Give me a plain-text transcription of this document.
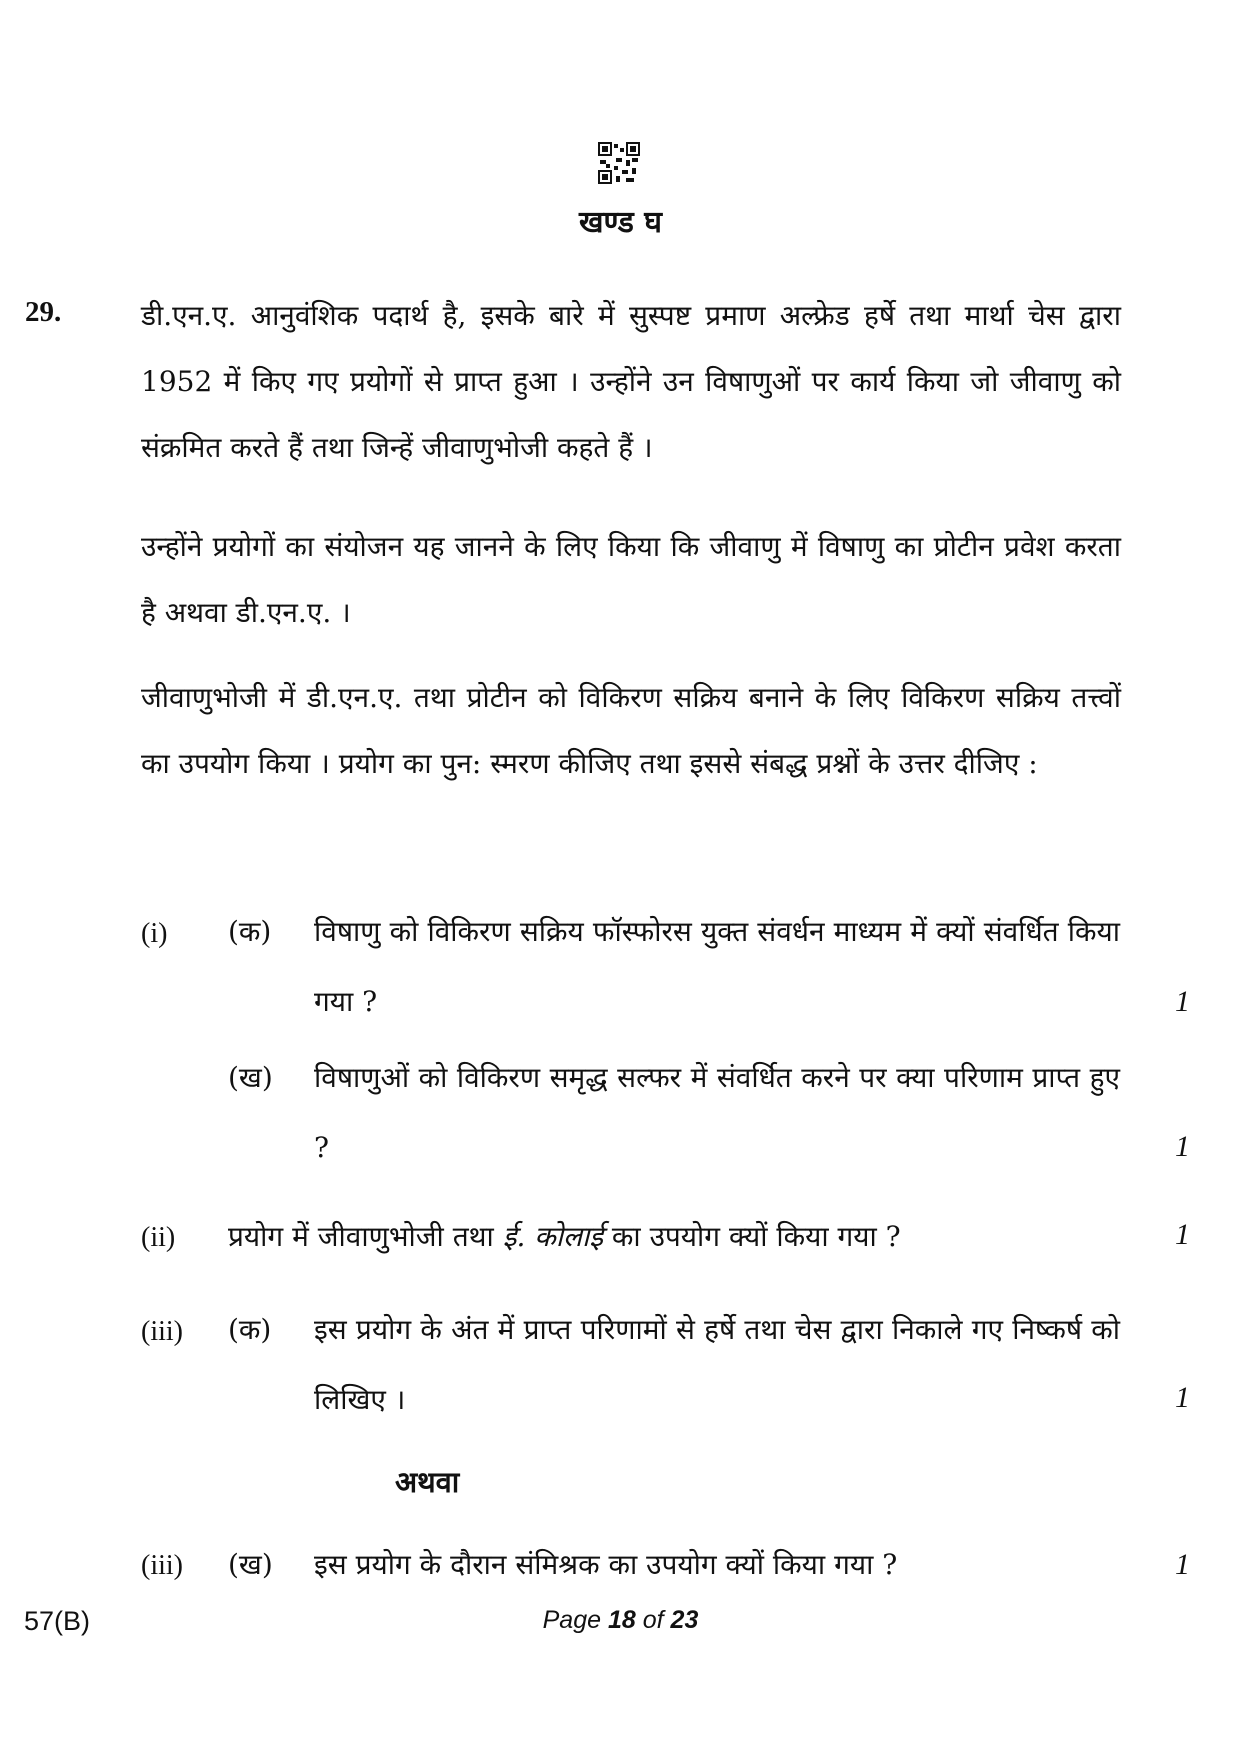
खण्ड घ
29.	डी.एन.ए. आनुवंशिक पदार्थ है, इसके बारे में सुस्पष्ट प्रमाण अल्फ्रेड हर्षे तथा मार्था चेस द्वारा 1952 में किए गए प्रयोगों से प्राप्त हुआ । उन्होंने उन विषाणुओं पर कार्य किया जो जीवाणु को संक्रमित करते हैं तथा जिन्हें जीवाणुभोजी कहते हैं ।
उन्होंने प्रयोगों का संयोजन यह जानने के लिए किया कि जीवाणु में विषाणु का प्रोटीन प्रवेश करता है अथवा डी.एन.ए. ।
जीवाणुभोजी में डी.एन.ए. तथा प्रोटीन को विकिरण सक्रिय बनाने के लिए विकिरण सक्रिय तत्त्वों का उपयोग किया । प्रयोग का पुन: स्मरण कीजिए तथा इससे संबद्ध प्रश्नों के उत्तर दीजिए :
(i) (क) विषाणु को विकिरण सक्रिय फॉस्फोरस युक्त संवर्धन माध्यम में क्यों संवर्धित किया गया ?	1
(ख) विषाणुओं को विकिरण समृद्ध सल्फर में संवर्धित करने पर क्या परिणाम प्राप्त हुए ?	1
(ii) प्रयोग में जीवाणुभोजी तथा ई. कोलाई का उपयोग क्यों किया गया ?	1
(iii) (क) इस प्रयोग के अंत में प्राप्त परिणामों से हर्षे तथा चेस द्वारा निकाले गए निष्कर्ष को लिखिए ।	1
अथवा
(iii) (ख) इस प्रयोग के दौरान संमिश्रक का उपयोग क्यों किया गया ?	1
57(B)	Page 18 of 23
